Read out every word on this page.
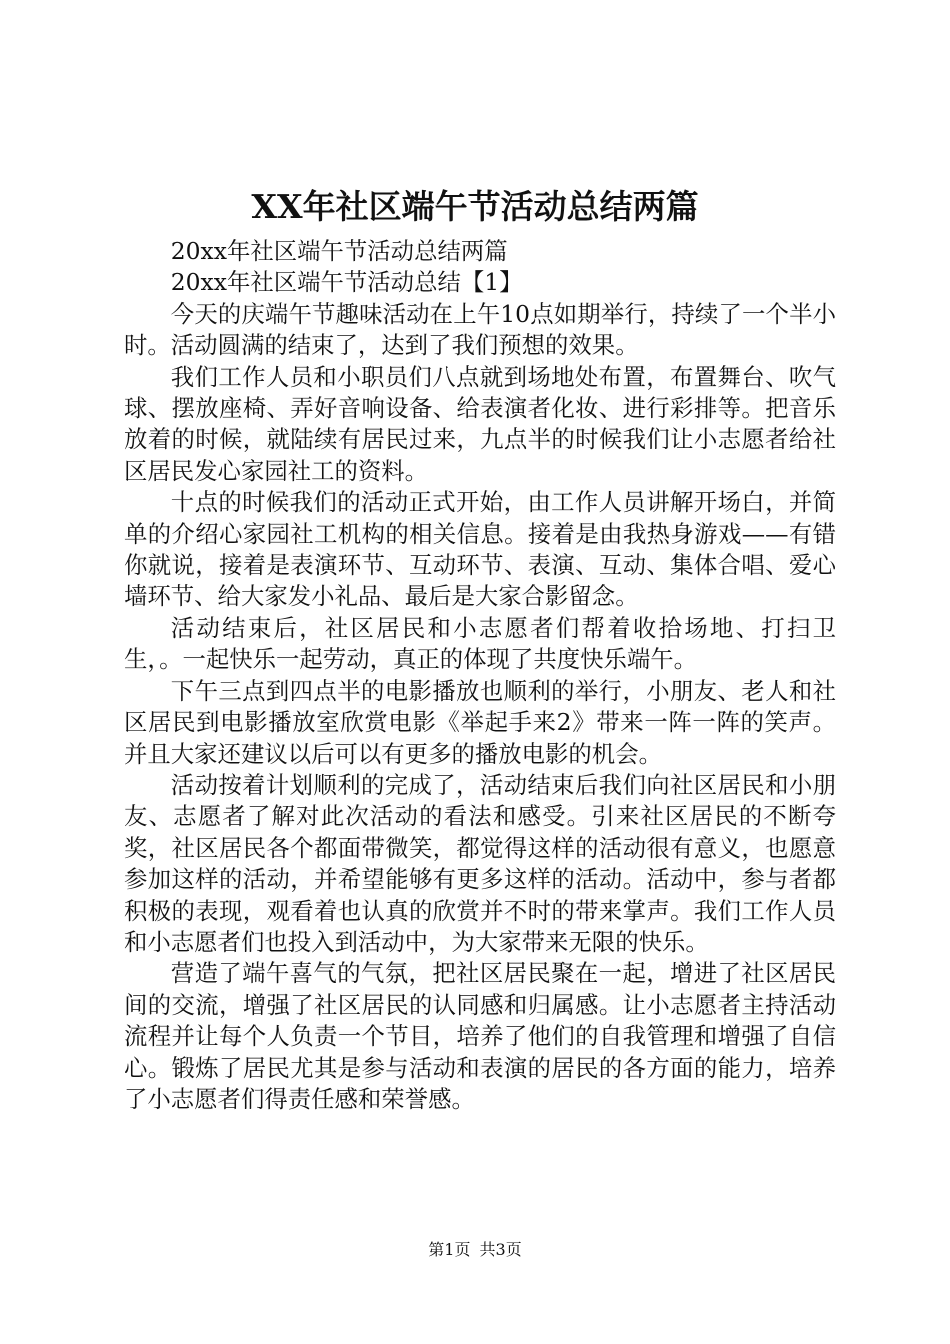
XX年社区端午节活动总结两篇

20xx年社区端午节活动总结两篇

20xx年社区端午节活动总结【1】

今天的庆端午节趣味活动在上午10点如期举行，持续了一个半小时。活动圆满的结束了，达到了我们预想的效果。

我们工作人员和小职员们八点就到场地处布置，布置舞台、吹气球、摆放座椅、弄好音响设备、给表演者化妆、进行彩排等。把音乐放着的时候，就陆续有居民过来，九点半的时候我们让小志愿者给社区居民发心家园社工的资料。

十点的时候我们的活动正式开始，由工作人员讲解开场白，并简单的介绍心家园社工机构的相关信息。接着是由我热身游戏——有错你就说，接着是表演环节、互动环节、表演、互动、集体合唱、爱心墙环节、给大家发小礼品、最后是大家合影留念。

活动结束后，社区居民和小志愿者们帮着收拾场地、打扫卫生，。一起快乐一起劳动，真正的体现了共度快乐端午。

下午三点到四点半的电影播放也顺利的举行，小朋友、老人和社区居民到电影播放室欣赏电影《举起手来2》带来一阵一阵的笑声。并且大家还建议以后可以有更多的播放电影的机会。

活动按着计划顺利的完成了，活动结束后我们向社区居民和小朋友、志愿者了解对此次活动的看法和感受。引来社区居民的不断夸奖，社区居民各个都面带微笑，都觉得这样的活动很有意义，也愿意参加这样的活动，并希望能够有更多这样的活动。活动中，参与者都积极的表现，观看着也认真的欣赏并不时的带来掌声。我们工作人员和小志愿者们也投入到活动中，为大家带来无限的快乐。

营造了端午喜气的气氛，把社区居民聚在一起，增进了社区居民间的交流，增强了社区居民的认同感和归属感。让小志愿者主持活动流程并让每个人负责一个节目，培养了他们的自我管理和增强了自信心。锻炼了居民尤其是参与活动和表演的居民的各方面的能力，培养了小志愿者们得责任感和荣誉感。

第1页 共3页
